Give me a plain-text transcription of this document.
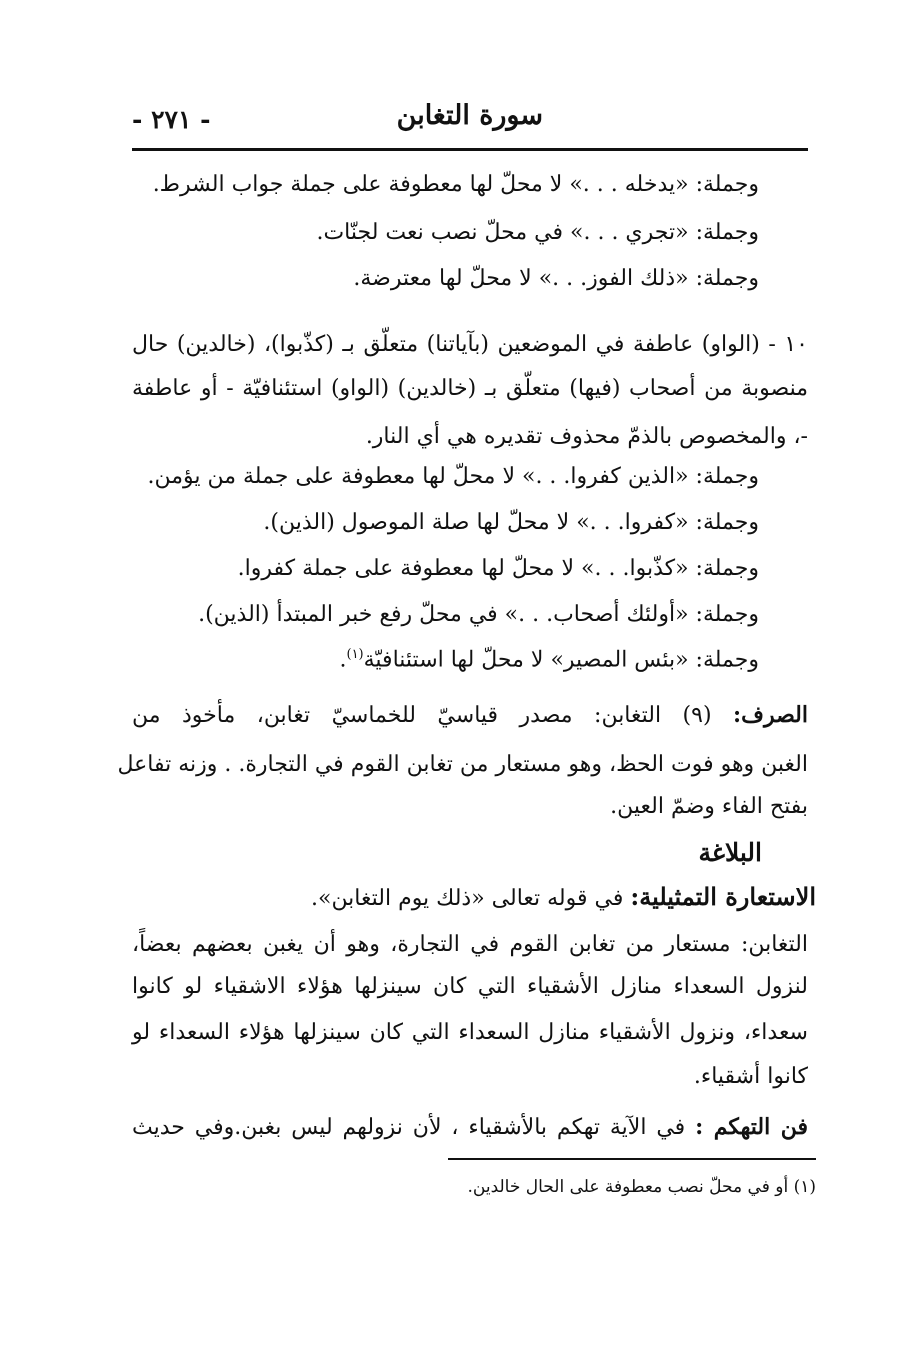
سورة التغابن
- ٢٧١ -
وجملة: «يدخله . . .» لا محلّ لها معطوفة على جملة جواب الشرط.
وجملة: «تجري . . .» في محلّ نصب نعت لجنّات.
وجملة: «ذلك الفوز. . .» لا محلّ لها معترضة.
١٠ - (الواو) عاطفة في الموضعين (بآياتنا) متعلّق بـ (كذّبوا)، (خالدين) حال
منصوبة من أصحاب (فيها) متعلّق بـ (خالدين) (الواو) استئنافيّة - أو عاطفة
-، والمخصوص بالذمّ محذوف تقديره هي أي النار.
وجملة: «الذين كفروا. . .» لا محلّ لها معطوفة على جملة من يؤمن.
وجملة: «كفروا. . .» لا محلّ لها صلة الموصول (الذين).
وجملة: «كذّبوا. . .» لا محلّ لها معطوفة على جملة كفروا.
وجملة: «أولئك أصحاب. . .» في محلّ رفع خبر المبتدأ (الذين).
وجملة: «بئس المصير» لا محلّ لها استئنافيّة$^{(١)}$.
الصرف: (٩) التغابن: مصدر قياسيّ للخماسيّ تغابن، مأخوذ من
الغبن وهو فوت الحظ، وهو مستعار من تغابن القوم في التجارة. . وزنه تفاعل
بفتح الفاء وضمّ العين.
البلاغة
الاستعارة التمثيلية: في قوله تعالى «ذلك يوم التغابن».
التغابن: مستعار من تغابن القوم في التجارة، وهو أن يغبن بعضهم بعضاً،
لنزول السعداء منازل الأشقياء التي كان سينزلها هؤلاء الاشقياء لو كانوا
سعداء، ونزول الأشقياء منازل السعداء التي كان سينزلها هؤلاء السعداء لو
كانوا أشقياء.
فن التهكم : في الآية تهكم بالأشقياء ، لأن نزولهم ليس بغبن.وفي حديث
(١) أو في محلّ نصب معطوفة على الحال خالدين.
